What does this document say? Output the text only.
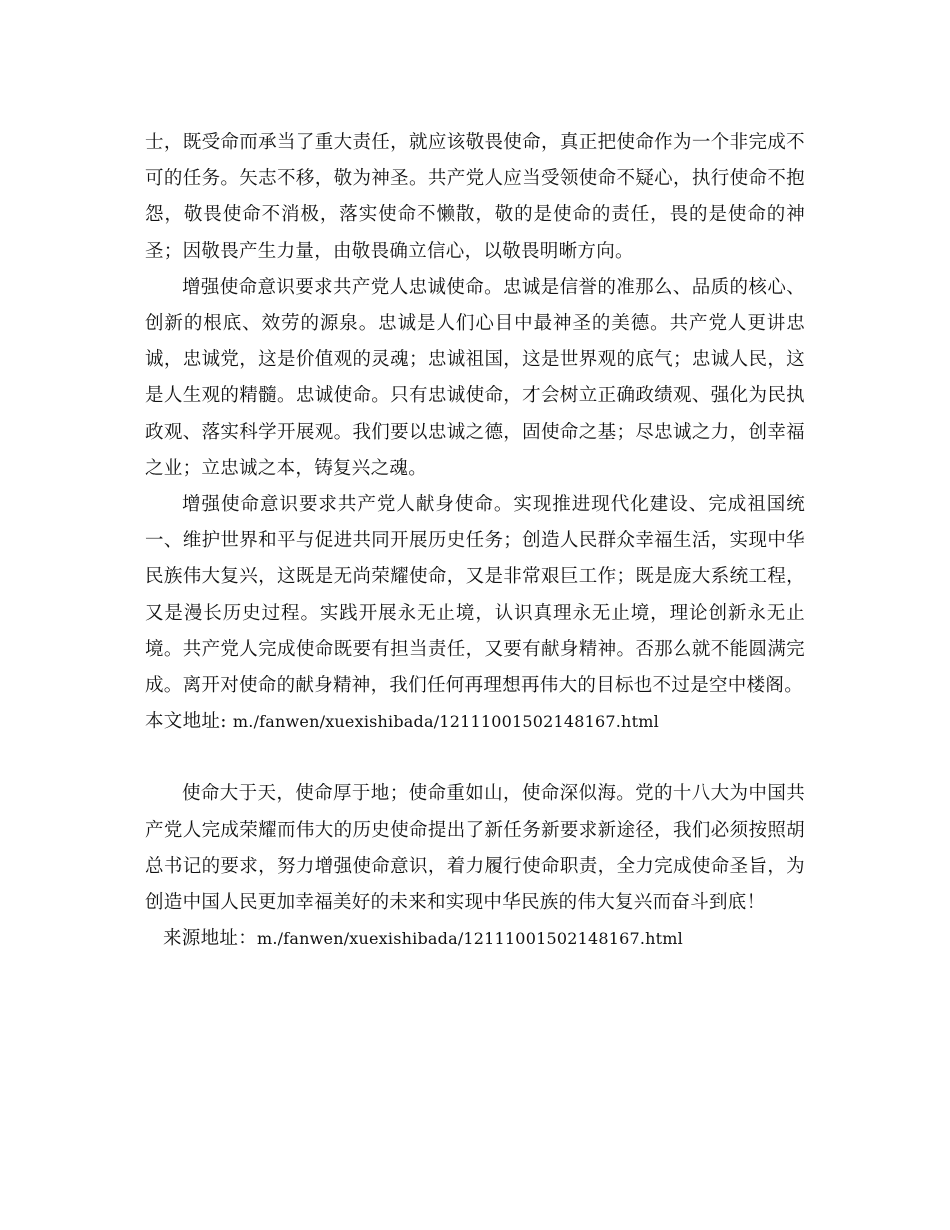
士，既受命而承当了重大责任，就应该敬畏使命，真正把使命作为一个非完成不可的任务。矢志不移，敬为神圣。共产党人应当受领使命不疑心，执行使命不抱怨，敬畏使命不消极，落实使命不懒散，敬的是使命的责任，畏的是使命的神圣；因敬畏产生力量，由敬畏确立信心，以敬畏明晰方向。

增强使命意识要求共产党人忠诚使命。忠诚是信誉的准那么、品质的核心、创新的根底、效劳的源泉。忠诚是人们心目中最神圣的美德。共产党人更讲忠诚，忠诚党，这是价值观的灵魂；忠诚祖国，这是世界观的底气；忠诚人民，这是人生观的精髓。忠诚使命。只有忠诚使命，才会树立正确政绩观、强化为民执政观、落实科学开展观。我们要以忠诚之德，固使命之基；尽忠诚之力，创幸福之业；立忠诚之本，铸复兴之魂。

增强使命意识要求共产党人献身使命。实现推进现代化建设、完成祖国统一、维护世界和平与促进共同开展历史任务；创造人民群众幸福生活，实现中华民族伟大复兴，这既是无尚荣耀使命，又是非常艰巨工作；既是庞大系统工程，又是漫长历史过程。实践开展永无止境，认识真理永无止境，理论创新永无止境。共产党人完成使命既要有担当责任，又要有献身精神。否那么就不能圆满完成。离开对使命的献身精神，我们任何再理想再伟大的目标也不过是空中楼阁。

本文地址: m./fanwen/xuexishibada/12111001502148167.html

使命大于天，使命厚于地；使命重如山，使命深似海。党的十八大为中国共产党人完成荣耀而伟大的历史使命提出了新任务新要求新途径，我们必须按照胡总书记的要求，努力增强使命意识，着力履行使命职责，全力完成使命圣旨，为创造中国人民更加幸福美好的未来和实现中华民族的伟大复兴而奋斗到底！

来源地址：m./fanwen/xuexishibada/12111001502148167.html
